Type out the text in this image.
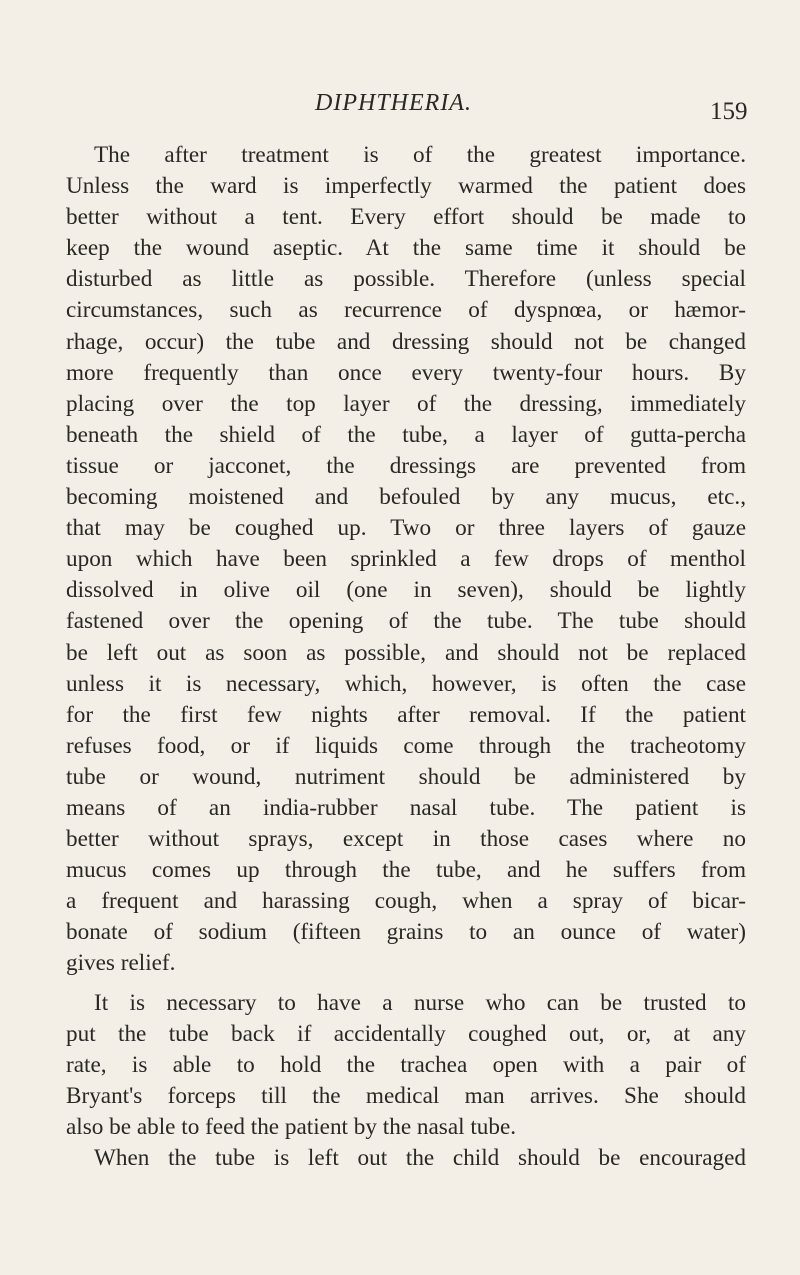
DIPHTHERIA.	159
The after treatment is of the greatest importance.
Unless the ward is imperfectly warmed the patient does
better without a tent. Every effort should be made to
keep the wound aseptic. At the same time it should be
disturbed as little as possible. Therefore (unless special
circumstances, such as recurrence of dyspnœa, or hæmor-
rhage, occur) the tube and dressing should not be changed
more frequently than once every twenty-four hours. By
placing over the top layer of the dressing, immediately
beneath the shield of the tube, a layer of gutta-percha
tissue or jacconet, the dressings are prevented from
becoming moistened and befouled by any mucus, etc.,
that may be coughed up. Two or three layers of gauze
upon which have been sprinkled a few drops of menthol
dissolved in olive oil (one in seven), should be lightly
fastened over the opening of the tube. The tube should
be left out as soon as possible, and should not be replaced
unless it is necessary, which, however, is often the case
for the first few nights after removal. If the patient
refuses food, or if liquids come through the tracheotomy
tube or wound, nutriment should be administered by
means of an india-rubber nasal tube. The patient is
better without sprays, except in those cases where no
mucus comes up through the tube, and he suffers from
a frequent and harassing cough, when a spray of bicar-
bonate of sodium (fifteen grains to an ounce of water)
gives relief.
It is necessary to have a nurse who can be trusted to
put the tube back if accidentally coughed out, or, at any
rate, is able to hold the trachea open with a pair of
Bryant's forceps till the medical man arrives. She should
also be able to feed the patient by the nasal tube.
When the tube is left out the child should be encouraged
